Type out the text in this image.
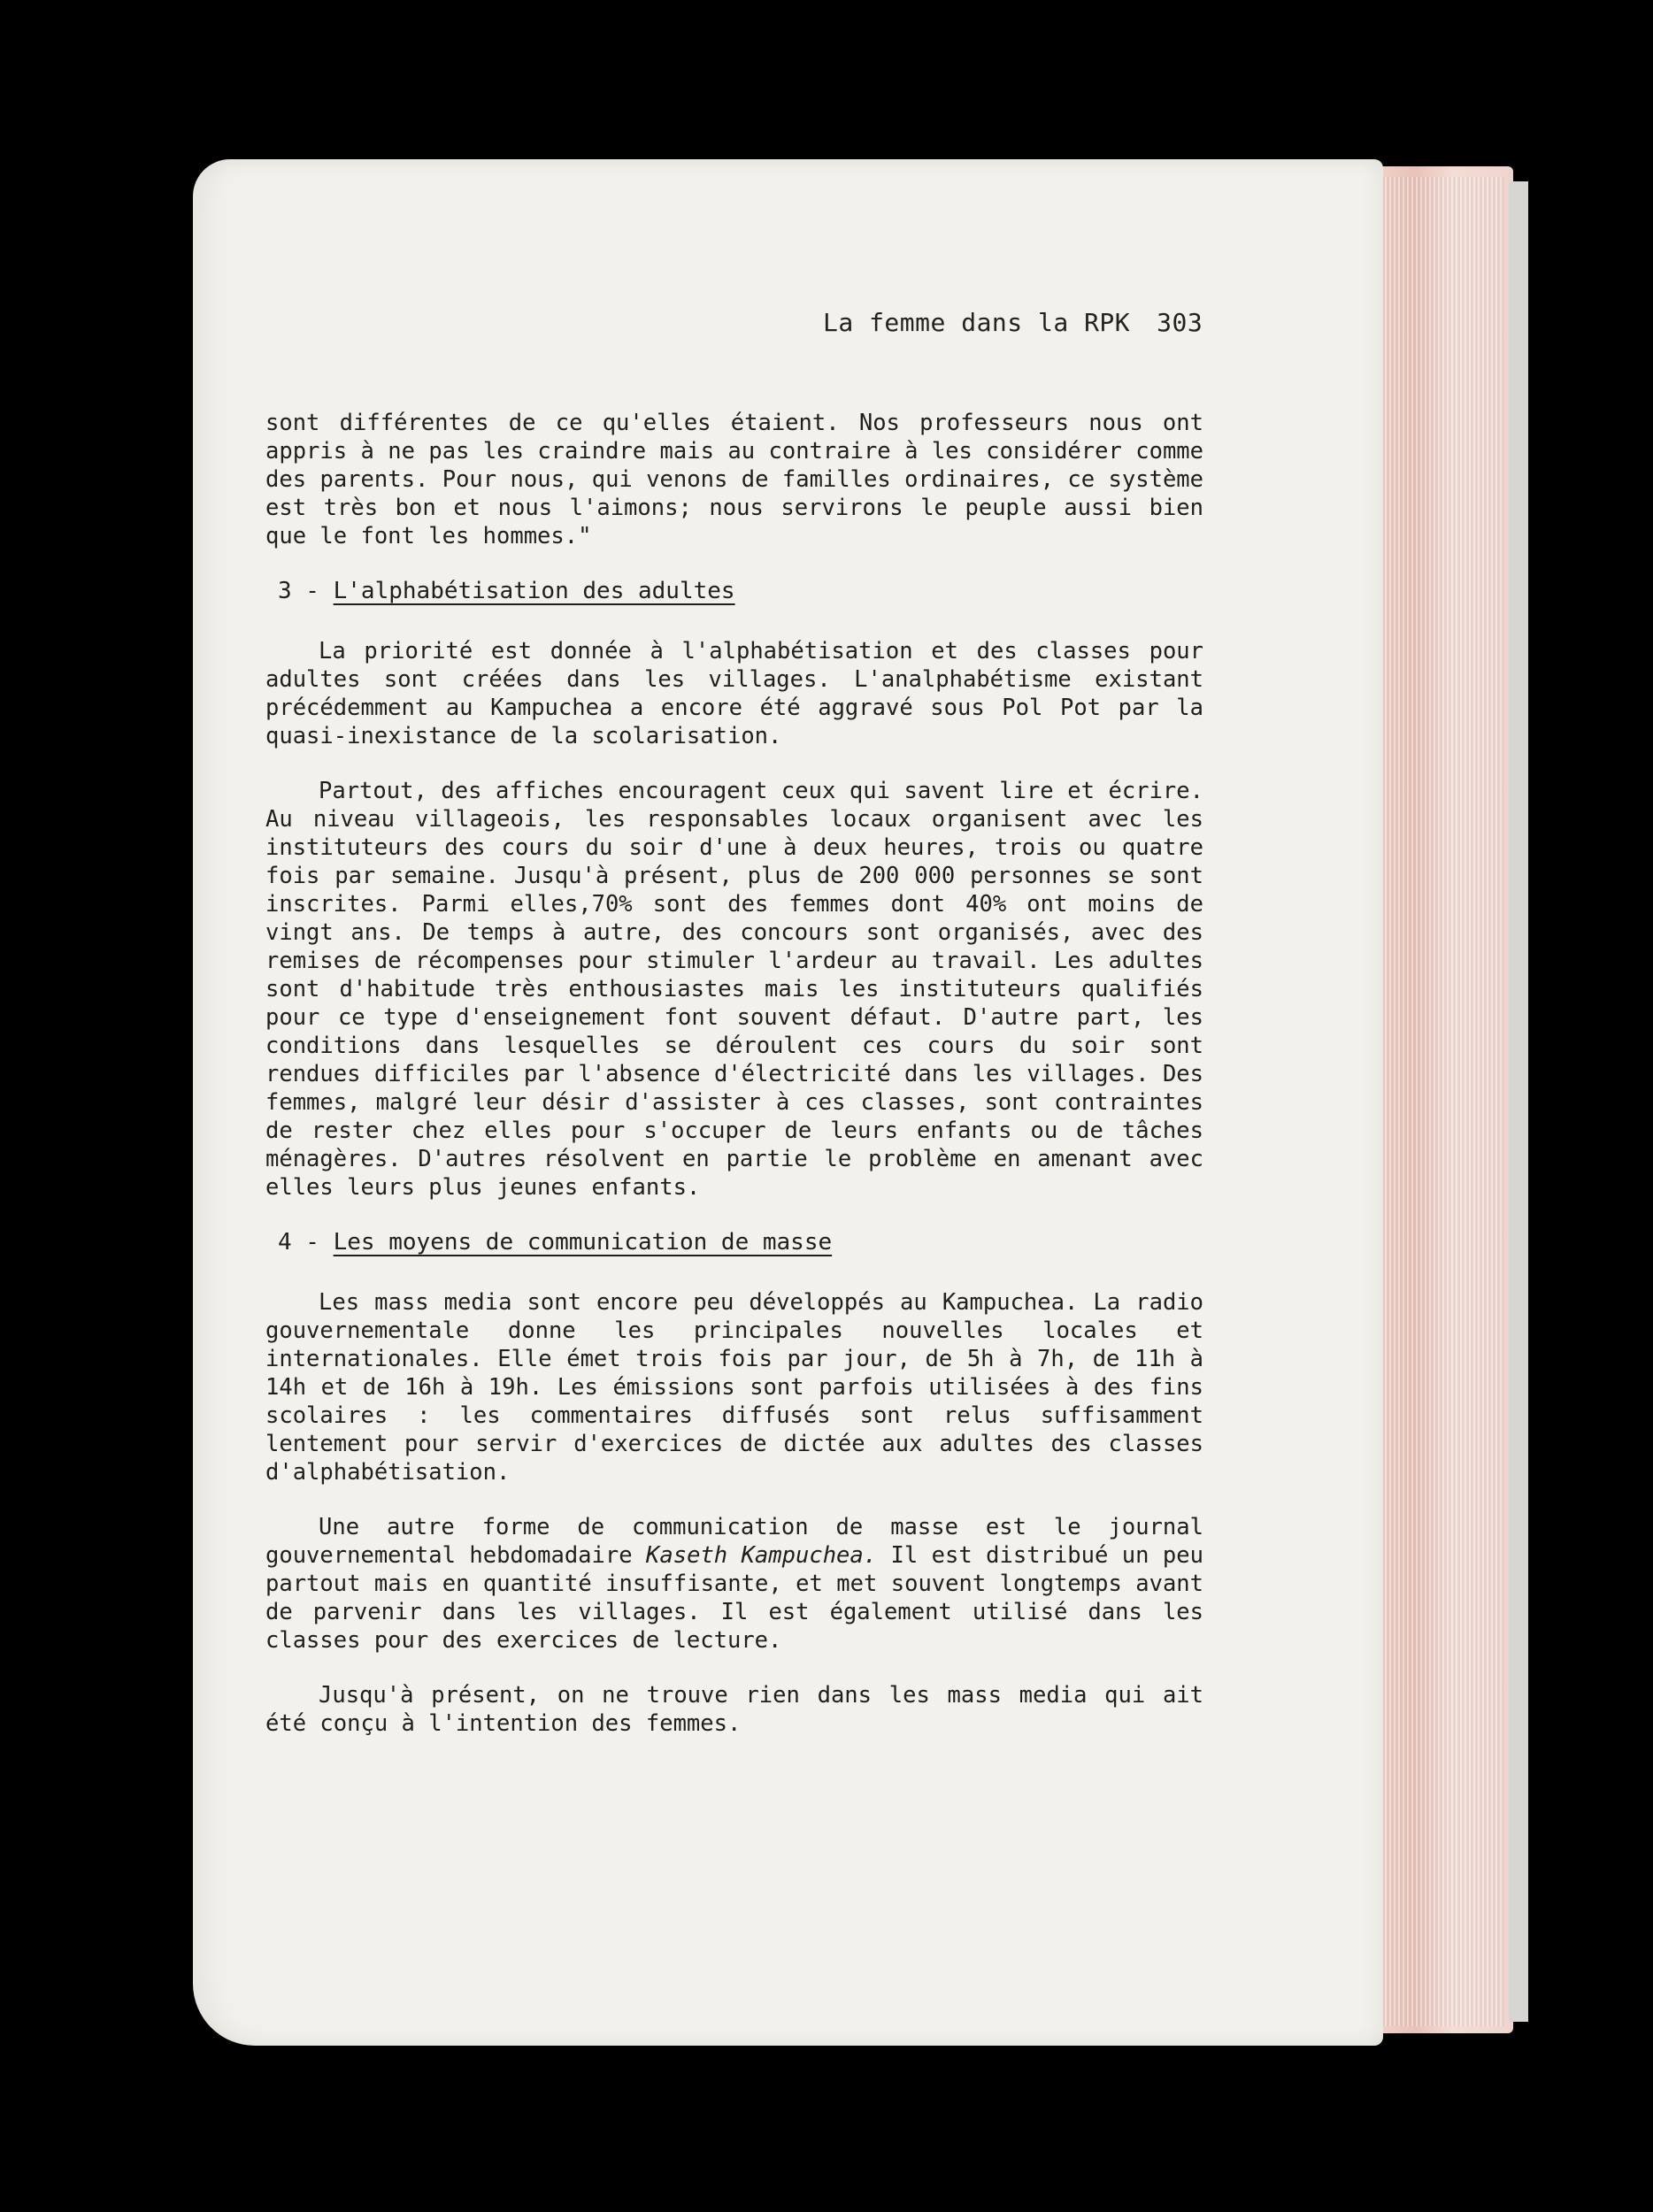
La femme dans la RPK 303

sont différentes de ce qu'elles étaient. Nos professeurs nous ont appris à ne pas les craindre mais au contraire à les considérer comme des parents. Pour nous, qui venons de familles ordinaires, ce système est très bon et nous l'aimons; nous servirons le peuple aussi bien que le font les hommes."

3 - L'alphabétisation des adultes

La priorité est donnée à l'alphabétisation et des classes pour adultes sont créées dans les villages. L'analphabétisme existant précédemment au Kampuchea a encore été aggravé sous Pol Pot par la quasi-inexistance de la scolarisation.

Partout, des affiches encouragent ceux qui savent lire et écrire. Au niveau villageois, les responsables locaux organisent avec les instituteurs des cours du soir d'une à deux heures, trois ou quatre fois par semaine. Jusqu'à présent, plus de 200 000 personnes se sont inscrites. Parmi elles,70% sont des femmes dont 40% ont moins de vingt ans. De temps à autre, des concours sont organisés, avec des remises de récompenses pour stimuler l'ardeur au travail. Les adultes sont d'habitude très enthousiastes mais les instituteurs qualifiés pour ce type d'enseignement font souvent défaut. D'autre part, les conditions dans lesquelles se déroulent ces cours du soir sont rendues difficiles par l'absence d'électricité dans les villages. Des femmes, malgré leur désir d'assister à ces classes, sont contraintes de rester chez elles pour s'occuper de leurs enfants ou de tâches ménagères. D'autres résolvent en partie le problème en amenant avec elles leurs plus jeunes enfants.

4 - Les moyens de communication de masse

Les mass media sont encore peu développés au Kampuchea. La radio gouvernementale donne les principales nouvelles locales et internationales. Elle émet trois fois par jour, de 5h à 7h, de 11h à 14h et de 16h à 19h. Les émissions sont parfois utilisées à des fins scolaires : les commentaires diffusés sont relus suffisamment lentement pour servir d'exercices de dictée aux adultes des classes d'alphabétisation.

Une autre forme de communication de masse est le journal gouvernemental hebdomadaire Kaseth Kampuchea. Il est distribué un peu partout mais en quantité insuffisante, et met souvent longtemps avant de parvenir dans les villages. Il est également utilisé dans les classes pour des exercices de lecture.

Jusqu'à présent, on ne trouve rien dans les mass media qui ait été conçu à l'intention des femmes.
